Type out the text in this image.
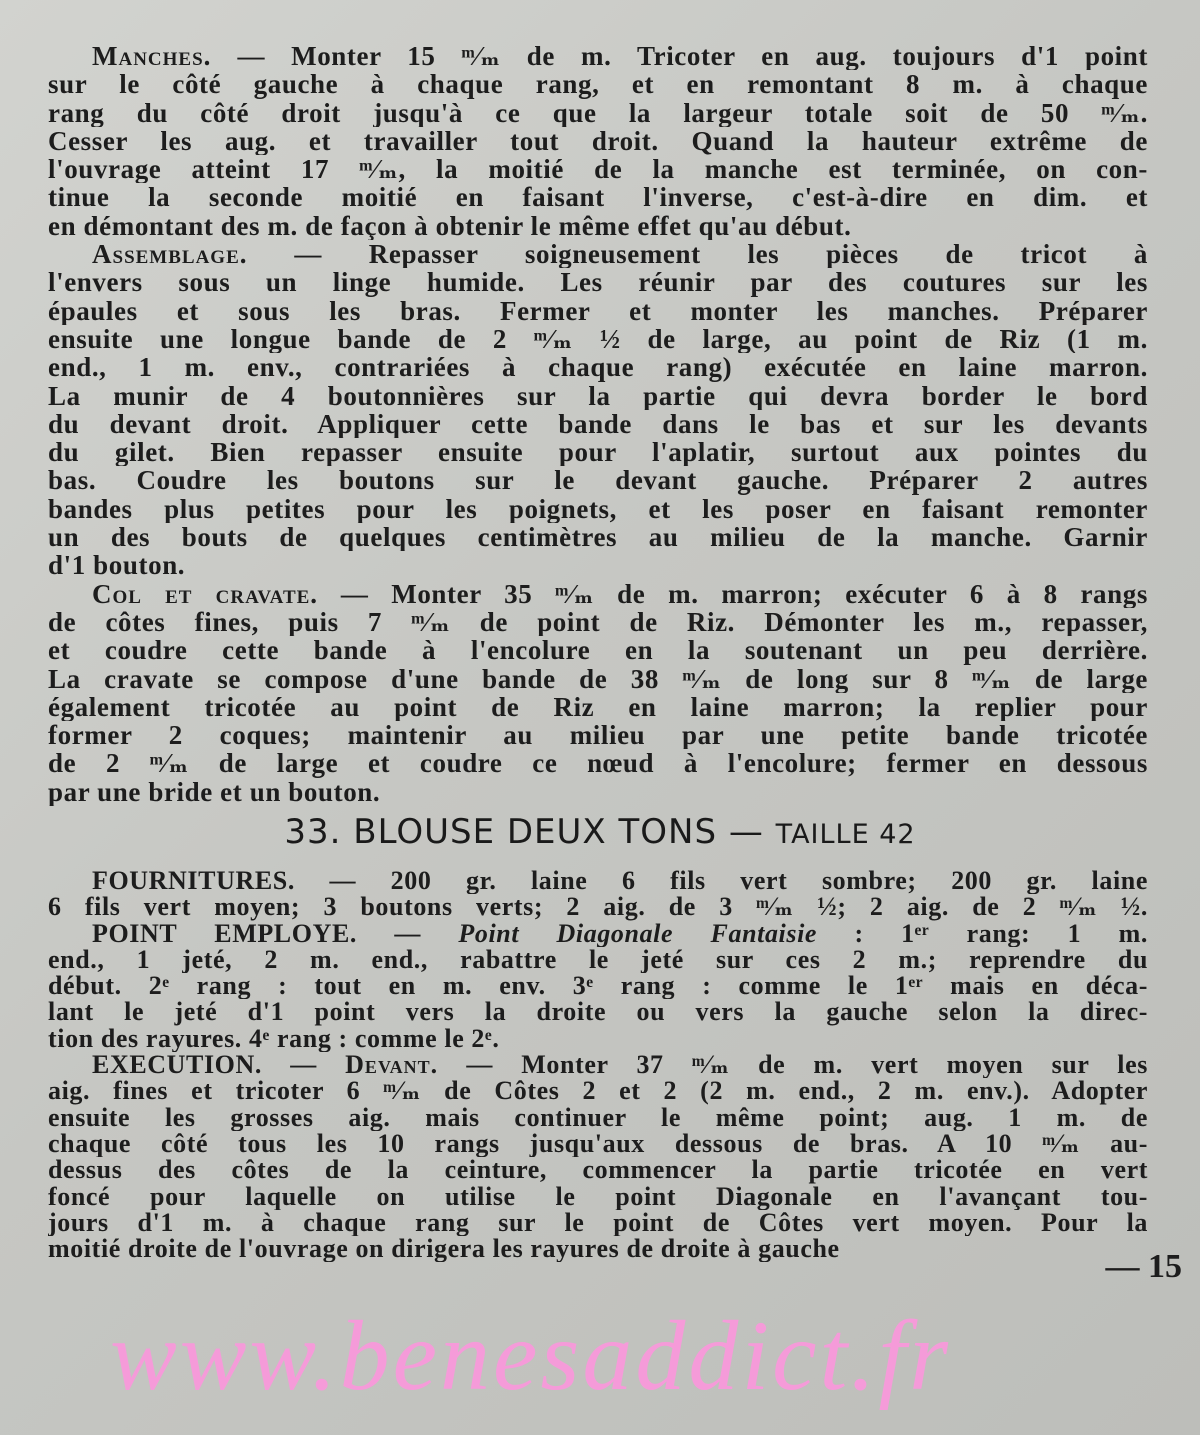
Manches. — Monter 15 ᵐ⁄ₘ de m. Tricoter en aug. toujours d'1 point
sur le côté gauche à chaque rang, et en remontant 8 m. à chaque
rang du côté droit jusqu'à ce que la largeur totale soit de 50 ᵐ⁄ₘ.
Cesser les aug. et travailler tout droit. Quand la hauteur extrême de
l'ouvrage atteint 17 ᵐ⁄ₘ, la moitié de la manche est terminée, on con-
tinue la seconde moitié en faisant l'inverse, c'est-à-dire en dim. et
en démontant des m. de façon à obtenir le même effet qu'au début.
Assemblage. — Repasser soigneusement les pièces de tricot à
l'envers sous un linge humide. Les réunir par des coutures sur les
épaules et sous les bras. Fermer et monter les manches. Préparer
ensuite une longue bande de 2 ᵐ⁄ₘ ½ de large, au point de Riz (1 m.
end., 1 m. env., contrariées à chaque rang) exécutée en laine marron.
La munir de 4 boutonnières sur la partie qui devra border le bord
du devant droit. Appliquer cette bande dans le bas et sur les devants
du gilet. Bien repasser ensuite pour l'aplatir, surtout aux pointes du
bas. Coudre les boutons sur le devant gauche. Préparer 2 autres
bandes plus petites pour les poignets, et les poser en faisant remonter
un des bouts de quelques centimètres au milieu de la manche. Garnir
d'1 bouton.
Col et cravate. — Monter 35 ᵐ⁄ₘ de m. marron; exécuter 6 à 8 rangs
de côtes fines, puis 7 ᵐ⁄ₘ de point de Riz. Démonter les m., repasser,
et coudre cette bande à l'encolure en la soutenant un peu derrière.
La cravate se compose d'une bande de 38 ᵐ⁄ₘ de long sur 8 ᵐ⁄ₘ de large
également tricotée au point de Riz en laine marron; la replier pour
former 2 coques; maintenir au milieu par une petite bande tricotée
de 2 ᵐ⁄ₘ de large et coudre ce nœud à l'encolure; fermer en dessous
par une bride et un bouton.
33. BLOUSE DEUX TONS — TAILLE 42
FOURNITURES. — 200 gr. laine 6 fils vert sombre; 200 gr. laine
6 fils vert moyen; 3 boutons verts; 2 aig. de 3 ᵐ⁄ₘ ½; 2 aig. de 2 ᵐ⁄ₘ ½.
POINT EMPLOYE. — Point Diagonale Fantaisie : 1ᵉʳ rang: 1 m.
end., 1 jeté, 2 m. end., rabattre le jeté sur ces 2 m.; reprendre du
début. 2ᵉ rang : tout en m. env. 3ᵉ rang : comme le 1ᵉʳ mais en déca-
lant le jeté d'1 point vers la droite ou vers la gauche selon la direc-
tion des rayures. 4ᵉ rang : comme le 2ᵉ.
EXECUTION. — Devant. — Monter 37 ᵐ⁄ₘ de m. vert moyen sur les
aig. fines et tricoter 6 ᵐ⁄ₘ de Côtes 2 et 2 (2 m. end., 2 m. env.). Adopter
ensuite les grosses aig. mais continuer le même point; aug. 1 m. de
chaque côté tous les 10 rangs jusqu'aux dessous de bras. A 10 ᵐ⁄ₘ au-
dessus des côtes de la ceinture, commencer la partie tricotée en vert
foncé pour laquelle on utilise le point Diagonale en l'avançant tou-
jours d'1 m. à chaque rang sur le point de Côtes vert moyen. Pour la
moitié droite de l'ouvrage on dirigera les rayures de droite à gauche	— 15
www.benesaddict.fr
